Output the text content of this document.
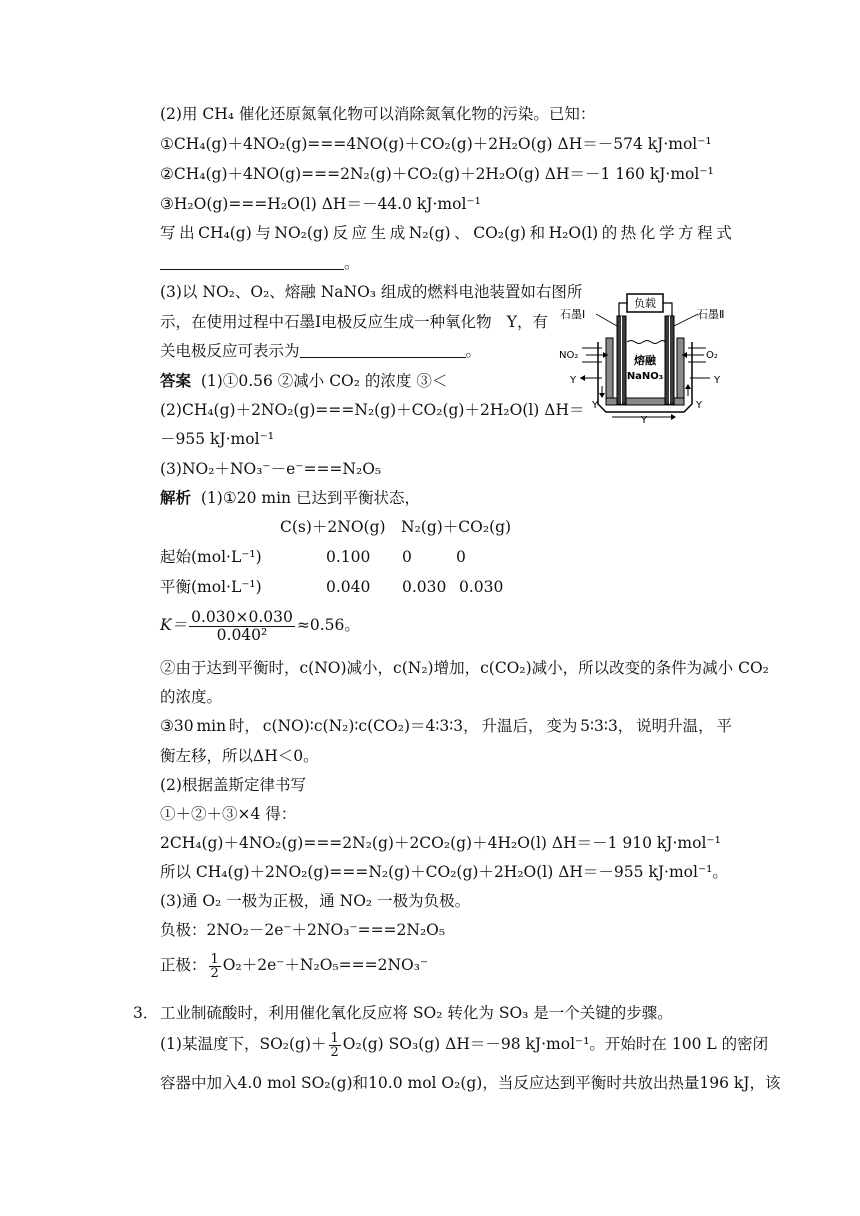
(2)用 CH₄ 催化还原氮氧化物可以消除氮氧化物的污染。已知：
①CH₄(g)＋4NO₂(g)===4NO(g)＋CO₂(g)＋2H₂O(g) ΔH＝－574 kJ·mol⁻¹
②CH₄(g)＋4NO(g)===2N₂(g)＋CO₂(g)＋2H₂O(g) ΔH＝－1 160 kJ·mol⁻¹
③H₂O(g)===H₂O(l) ΔH＝－44.0 kJ·mol⁻¹
写 出 CH₄(g) 与 NO₂(g) 反 应 生 成 N₂(g) 、 CO₂(g) 和 H₂O(l) 的 热 化 学 方 程 式
。
(3)以 NO₂、O₂、熔融 NaNO₃ 组成的燃料电池装置如右图所
示，在使用过程中石墨Ⅰ电极反应生成一种氧化物 Y，有
关电极反应可表示为	。
负载
熔融
NaNO₃
石墨Ⅰ	石墨Ⅱ
NO₂	O₂
Y	Y
Y
Y
Y
答案 (1)①0.56 ②减小 CO₂ 的浓度 ③＜
(2)CH₄(g)＋2NO₂(g)===N₂(g)＋CO₂(g)＋2H₂O(l) ΔH＝
－955 kJ·mol⁻¹
(3)NO₂＋NO₃⁻－e⁻===N₂O₅
解析 (1)①20 min 已达到平衡状态，
C(s)＋2NO(g) N₂(g)＋CO₂(g)
起始(mol·L⁻¹)	0.100 0	0
平衡(mol·L⁻¹)	0.040 0.030 0.030
$K= \frac{0.030\times 0.030}{\text{0.040²}} \approx 0.56$。
②由于达到平衡时，c(NO)减小，c(N₂)增加，c(CO₂)减小，所以改变的条件为减小 CO₂
的浓度。
③30 min 时， c(NO)∶c(N₂)∶c(CO₂)＝4∶3∶3， 升温后， 变为 5∶3∶3， 说明升温， 平
衡左移，所以ΔH＜0。
(2)根据盖斯定律书写
①＋②＋③×4 得：
2CH₄(g)＋4NO₂(g)===2N₂(g)＋2CO₂(g)＋4H₂O(l) ΔH＝－1 910 kJ·mol⁻¹
所以 CH₄(g)＋2NO₂(g)===N₂(g)＋CO₂(g)＋2H₂O(l) ΔH＝－955 kJ·mol⁻¹。
(3)通 O₂ 一极为正极，通 NO₂ 一极为负极。
负极：2NO₂－2e⁻＋2NO₃⁻===2N₂O₅
正极： $\frac{1}{2} O_2+2e^-+N_2O_5===2NO_3^-$
3． 工业制硫酸时，利用催化氧化反应将 SO₂ 转化为 SO₃ 是一个关键的步骤。
(1)某温度下，$SO_2(g)+ \frac{1}{2} O_2(g)$ SO₃(g) ΔH＝－98 kJ·mol⁻¹。开始时在 100 L 的密闭
容器中加入 4.0 mol SO₂(g)和 10.0 mol O₂(g)， 当反应达到平衡时共放出热量 196 kJ， 该
